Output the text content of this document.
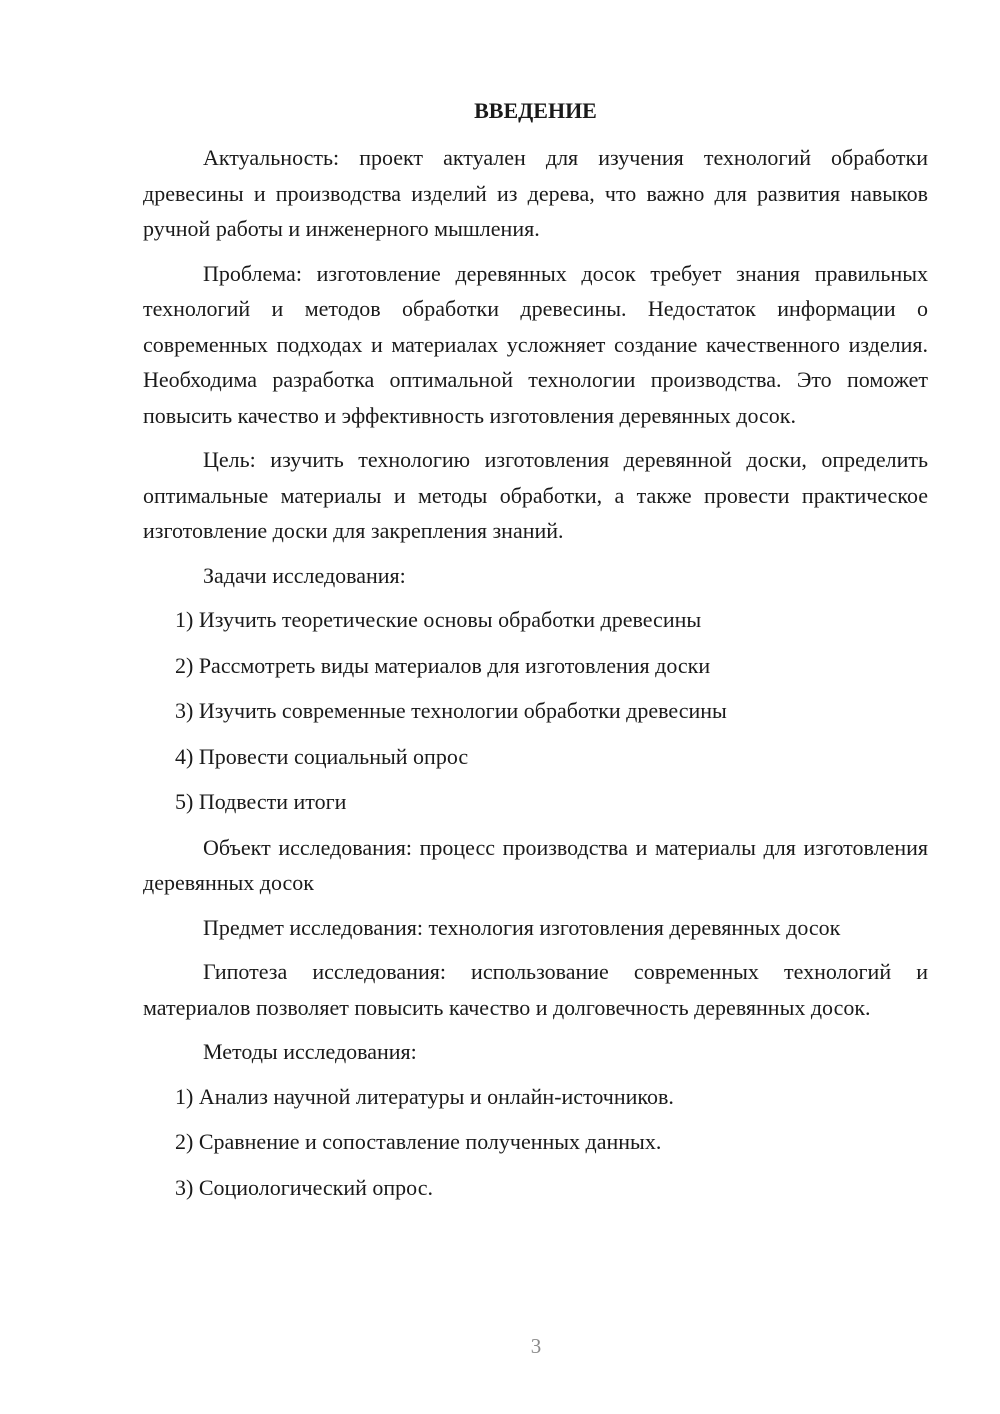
ВВЕДЕНИЕ

Актуальность: проект актуален для изучения технологий обработки древесины и производства изделий из дерева, что важно для развития навыков ручной работы и инженерного мышления.

Проблема: изготовление деревянных досок требует знания правильных технологий и методов обработки древесины. Недостаток информации о современных подходах и материалах усложняет создание качественного изделия. Необходима разработка оптимальной технологии производства. Это поможет повысить качество и эффективность изготовления деревянных досок.

Цель: изучить технологию изготовления деревянной доски, определить оптимальные материалы и методы обработки, а также провести практическое изготовление доски для закрепления знаний.

Задачи исследования:

1) Изучить теоретические основы обработки древесины
2) Рассмотреть виды материалов для изготовления доски
3) Изучить современные технологии обработки древесины
4) Провести социальный опрос
5) Подвести итоги

Объект исследования: процесс производства и материалы для изготовления деревянных досок

Предмет исследования: технология изготовления деревянных досок

Гипотеза исследования: использование современных технологий и материалов позволяет повысить качество и долговечность деревянных досок.

Методы исследования:

1) Анализ научной литературы и онлайн-источников.
2) Сравнение и сопоставление полученных данных.
3) Социологический опрос.
3
